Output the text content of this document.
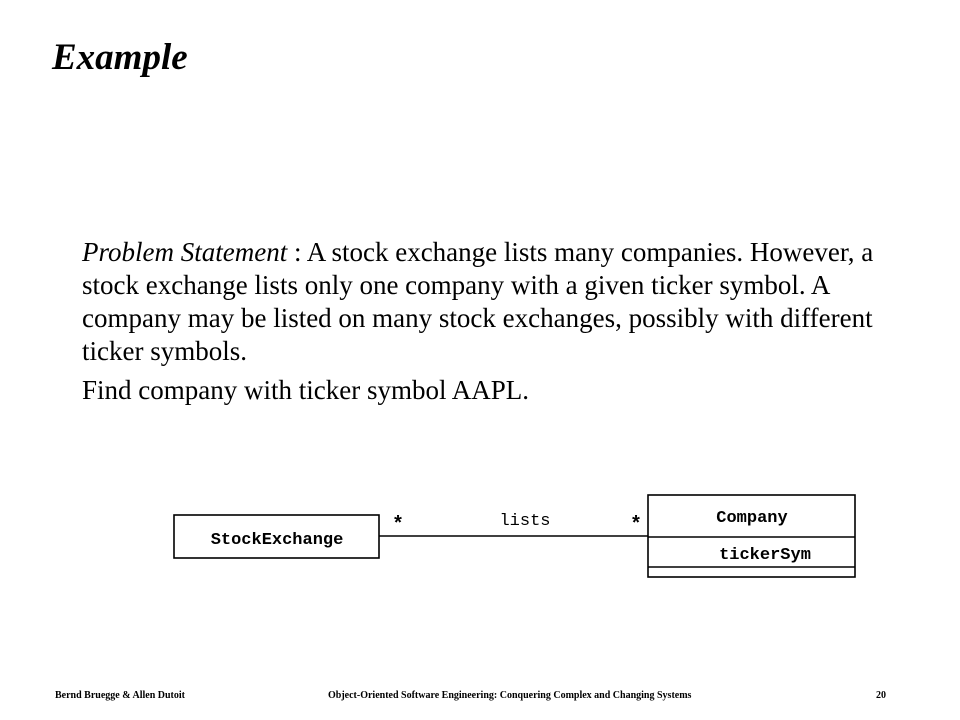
Example

Problem Statement : A stock exchange lists many companies. However, a stock exchange lists only one company with a given ticker symbol. A company may be listed on many stock exchanges, possibly with different ticker symbols.

Find company with ticker symbol AAPL.

StockExchange
*	lists	*	Company
tickerSym
Bernd Bruegge & Allen Dutoit	Object-Oriented Software Engineering: Conquering Complex and Changing Systems	20
